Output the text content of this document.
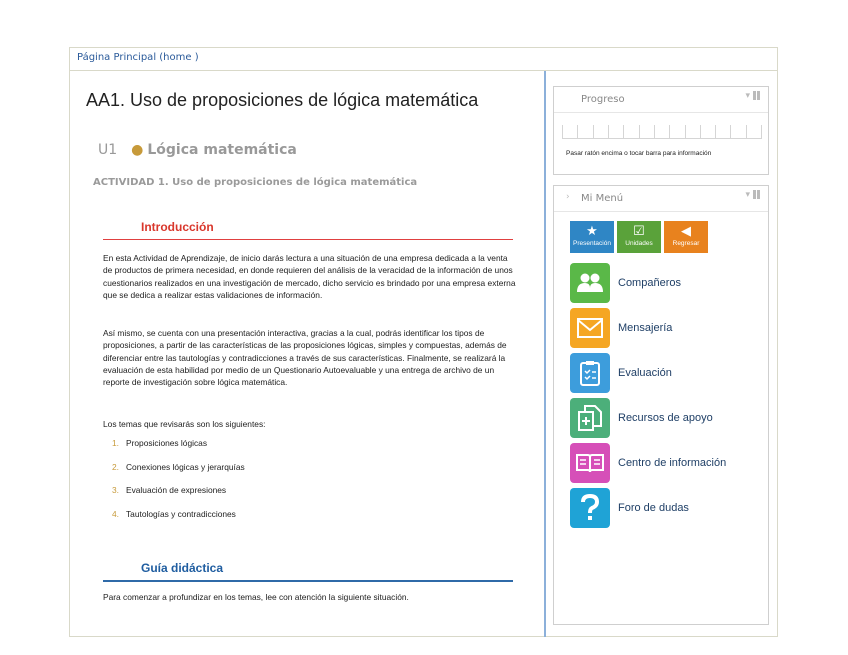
Página Principal (home )
AA1. Uso de proposiciones de lógica matemática
U1 ● Lógica matemática
ACTIVIDAD 1. Uso de proposiciones de lógica matemática
Introducción

En esta Actividad de Aprendizaje, de inicio darás lectura a una situación de una empresa dedicada a la venta de productos de primera necesidad, en donde requieren del análisis de la veracidad de la información de unos cuestionarios realizados en una investigación de mercado, dicho servicio es brindado por una empresa externa que se dedica a realizar estas validaciones de información.

Así mismo, se cuenta con una presentación interactiva, gracias a la cual, podrás identificar los tipos de proposiciones, a partir de las características de las proposiciones lógicas, simples y compuestas, además de diferenciar entre las tautologías y contradicciones a través de sus características. Finalmente, se realizará la evaluación de esta habilidad por medio de un Questionario Autoevaluable y una entrega de archivo de un reporte de investigación sobre lógica matemática.

Los temas que revisarás son los siguientes:

1. Proposiciones lógicas
2. Conexiones lógicas y jerarquías
3. Evaluación de expresiones
4. Tautologías y contradicciones
Guía didáctica

Para comenzar a profundizar en los temas, lee con atención la siguiente situación.

Progreso	▾
Pasar ratón encima o tocar barra para información
› Mi Menú	▾
★
Presentación
☑
Unidades
◀
Regresar
Compañeros
Mensajería
Evaluación
Recursos de apoyo
Centro de información
Foro de dudas
